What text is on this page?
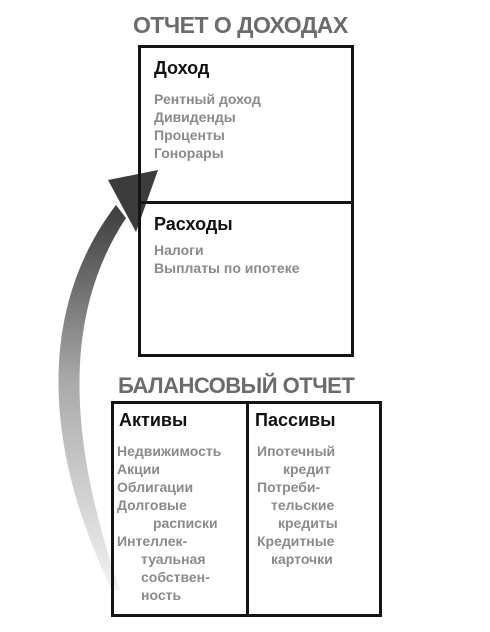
ОТЧЕТ О ДОХОДАХ
Доход
Рентный доход
Дивиденды
Проценты
Гонорары
Расходы
Налоги
Выплаты по ипотеке
БАЛАНСОВЫЙ ОТЧЕТ
Активы
Недвижимость
Акции
Облигации
Долговые
расписки
Интеллек-
туальная
собствен-
ность
Пассивы
Ипотечный
кредит
Потреби-
тельские
кредиты
Кредитные
карточки
